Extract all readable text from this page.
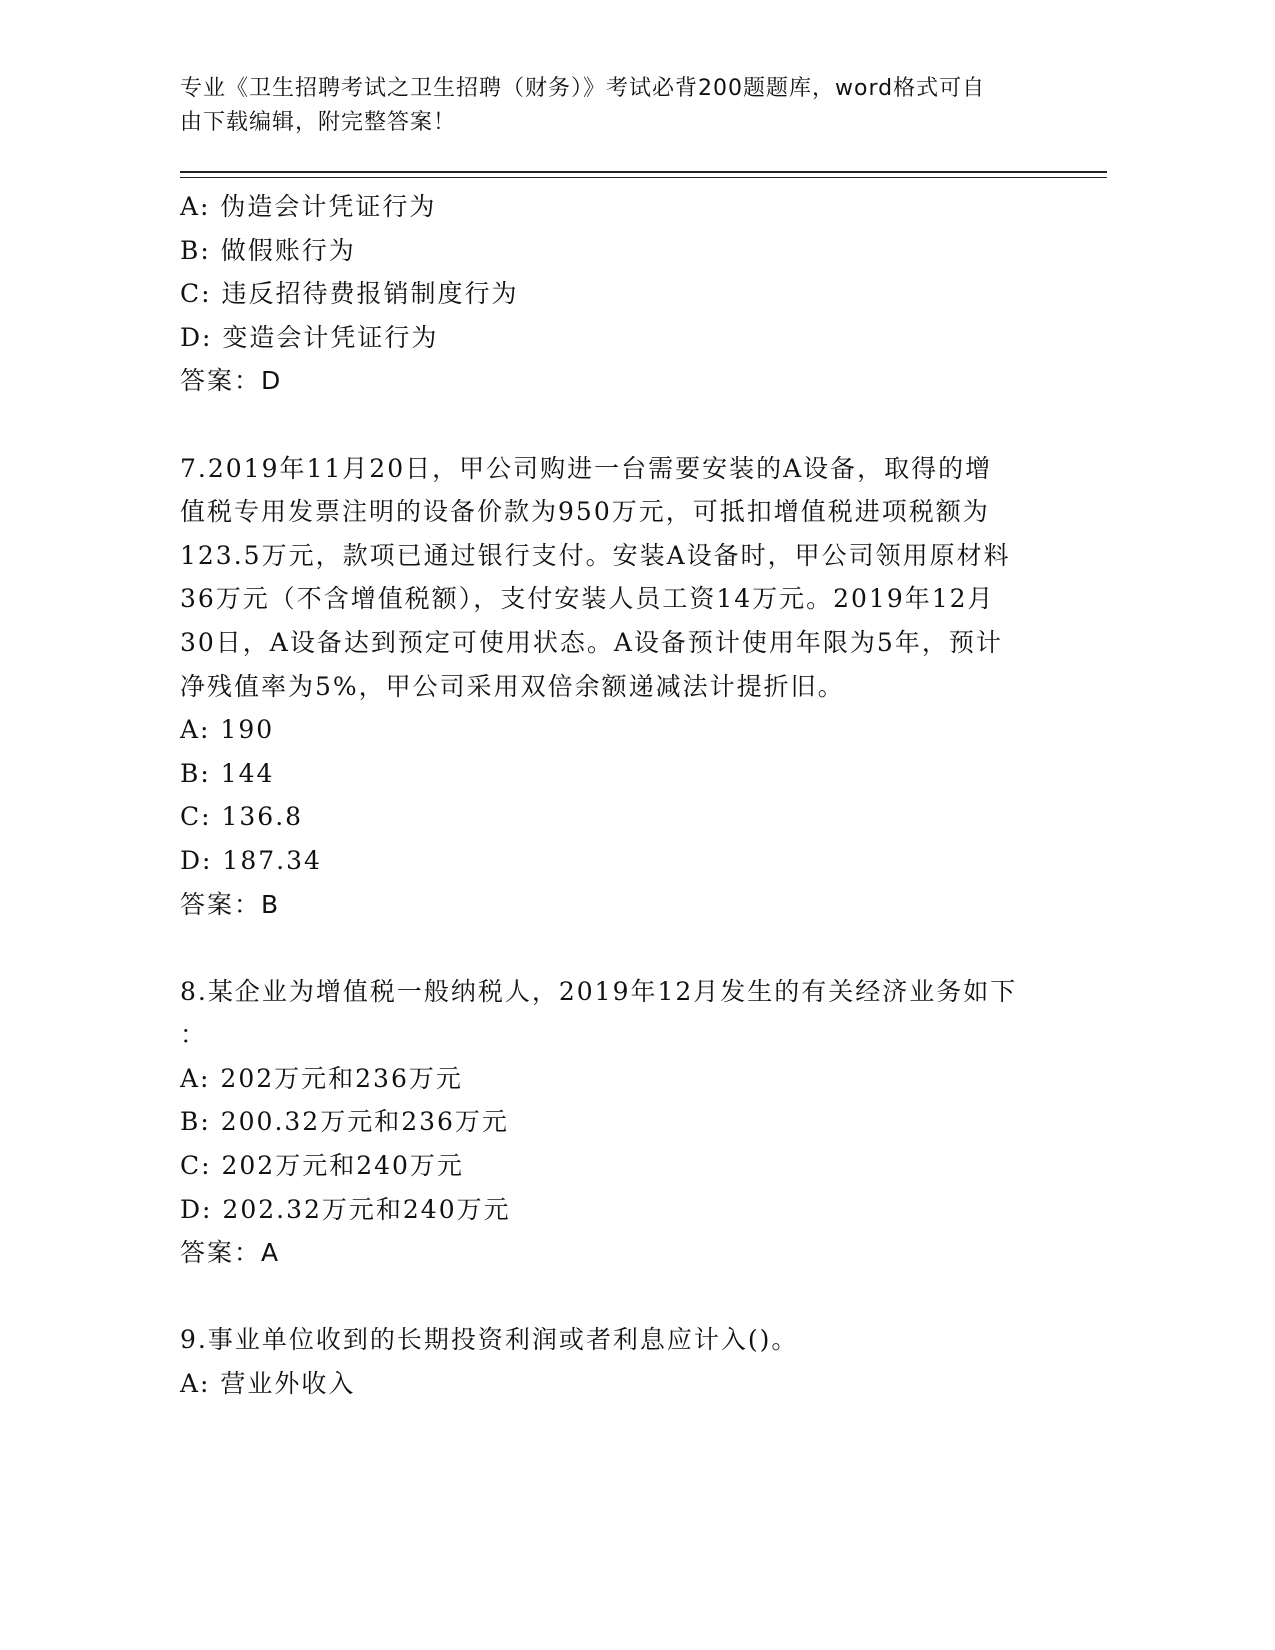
专业《卫生招聘考试之卫生招聘（财务）》考试必背200题题库，word格式可自
由下载编辑，附完整答案！
A: 伪造会计凭证行为
B: 做假账行为
C: 违反招待费报销制度行为
D: 变造会计凭证行为
答案：D
7.2019年11月20日，甲公司购进一台需要安装的A设备，取得的增
值税专用发票注明的设备价款为950万元，可抵扣增值税进项税额为
123.5万元，款项已通过银行支付。安装A设备时，甲公司领用原材料
36万元（不含增值税额），支付安装人员工资14万元。2019年12月
30日，A设备达到预定可使用状态。A设备预计使用年限为5年，预计
净残值率为5%，甲公司采用双倍余额递减法计提折旧。
A: 190
B: 144
C: 136.8
D: 187.34
答案：B
8.某企业为增值税一般纳税人，2019年12月发生的有关经济业务如下
：
A: 202万元和236万元
B: 200.32万元和236万元
C: 202万元和240万元
D: 202.32万元和240万元
答案：A
9.事业单位收到的长期投资利润或者利息应计入()。
A: 营业外收入
